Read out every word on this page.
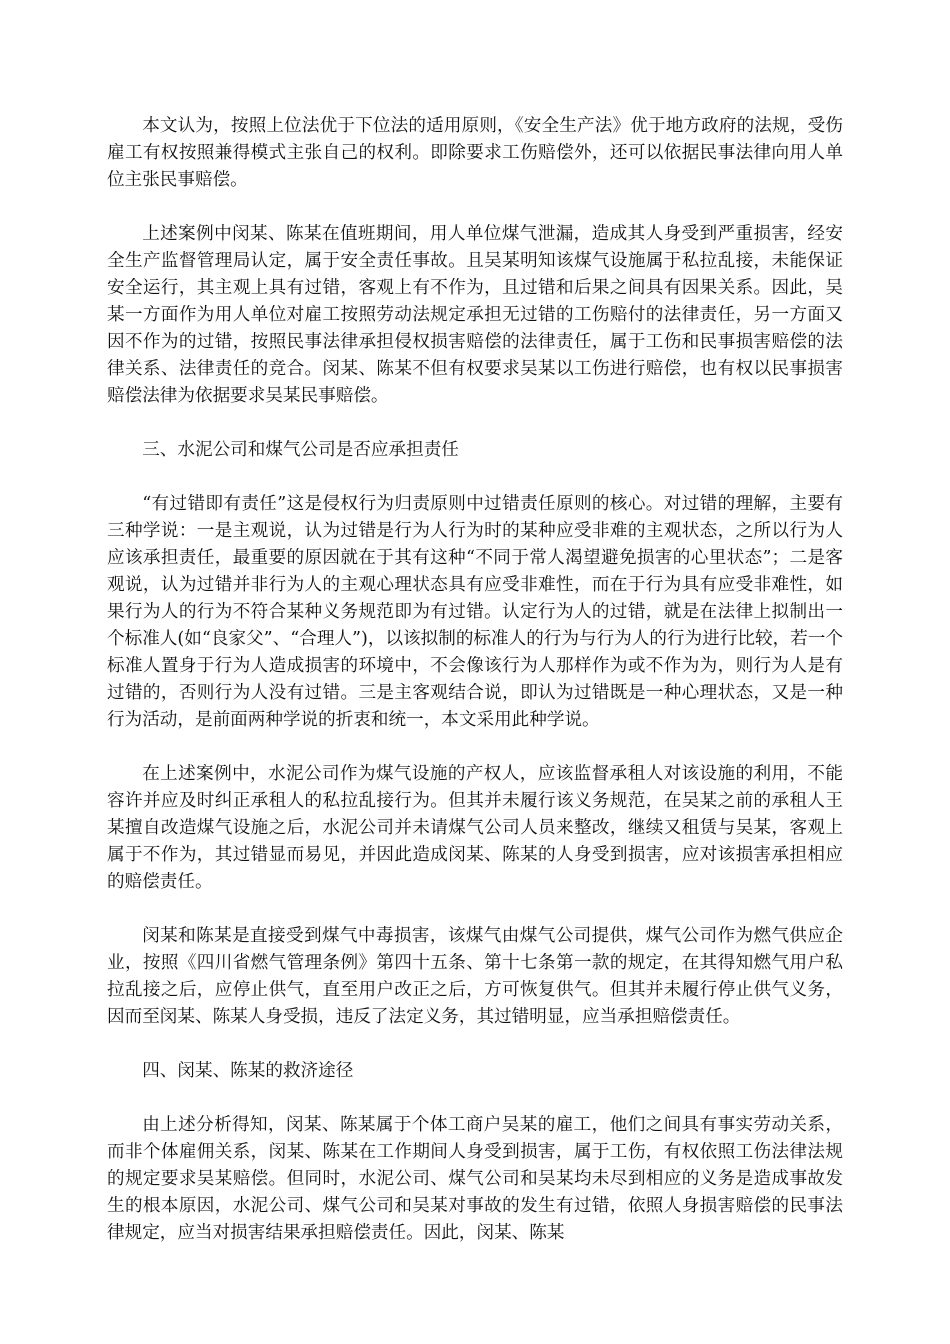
本文认为，按照上位法优于下位法的适用原则，《安全生产法》优于地方政府的法规，受伤雇工有权按照兼得模式主张自己的权利。即除要求工伤赔偿外，还可以依据民事法律向用人单位主张民事赔偿。

上述案例中闵某、陈某在值班期间，用人单位煤气泄漏，造成其人身受到严重损害，经安全生产监督管理局认定，属于安全责任事故。且吴某明知该煤气设施属于私拉乱接，未能保证安全运行，其主观上具有过错，客观上有不作为，且过错和后果之间具有因果关系。因此，吴某一方面作为用人单位对雇工按照劳动法规定承担无过错的工伤赔付的法律责任，另一方面又因不作为的过错，按照民事法律承担侵权损害赔偿的法律责任，属于工伤和民事损害赔偿的法律关系、法律责任的竞合。闵某、陈某不但有权要求吴某以工伤进行赔偿，也有权以民事损害赔偿法律为依据要求吴某民事赔偿。

三、水泥公司和煤气公司是否应承担责任

“有过错即有责任”这是侵权行为归责原则中过错责任原则的核心。对过错的理解，主要有三种学说：一是主观说，认为过错是行为人行为时的某种应受非难的主观状态，之所以行为人应该承担责任，最重要的原因就在于其有这种“不同于常人渴望避免损害的心里状态”；二是客观说，认为过错并非行为人的主观心理状态具有应受非难性，而在于行为具有应受非难性，如果行为人的行为不符合某种义务规范即为有过错。认定行为人的过错，就是在法律上拟制出一个标准人(如“良家父”、“合理人”)，以该拟制的标准人的行为与行为人的行为进行比较，若一个标准人置身于行为人造成损害的环境中，不会像该行为人那样作为或不作为为，则行为人是有过错的，否则行为人没有过错。三是主客观结合说，即认为过错既是一种心理状态，又是一种行为活动，是前面两种学说的折衷和统一，本文采用此种学说。

在上述案例中，水泥公司作为煤气设施的产权人，应该监督承租人对该设施的利用，不能容许并应及时纠正承租人的私拉乱接行为。但其并未履行该义务规范，在吴某之前的承租人王某擅自改造煤气设施之后，水泥公司并未请煤气公司人员来整改，继续又租赁与吴某，客观上属于不作为，其过错显而易见，并因此造成闵某、陈某的人身受到损害，应对该损害承担相应的赔偿责任。

闵某和陈某是直接受到煤气中毒损害，该煤气由煤气公司提供，煤气公司作为燃气供应企业，按照《四川省燃气管理条例》第四十五条、第十七条第一款的规定，在其得知燃气用户私拉乱接之后，应停止供气，直至用户改正之后，方可恢复供气。但其并未履行停止供气义务，因而至闵某、陈某人身受损，违反了法定义务，其过错明显，应当承担赔偿责任。

四、闵某、陈某的救济途径

由上述分析得知，闵某、陈某属于个体工商户吴某的雇工，他们之间具有事实劳动关系，而非个体雇佣关系，闵某、陈某在工作期间人身受到损害，属于工伤，有权依照工伤法律法规的规定要求吴某赔偿。但同时，水泥公司、煤气公司和吴某均未尽到相应的义务是造成事故发生的根本原因，水泥公司、煤气公司和吴某对事故的发生有过错，依照人身损害赔偿的民事法律规定，应当对损害结果承担赔偿责任。因此，闵某、陈某
